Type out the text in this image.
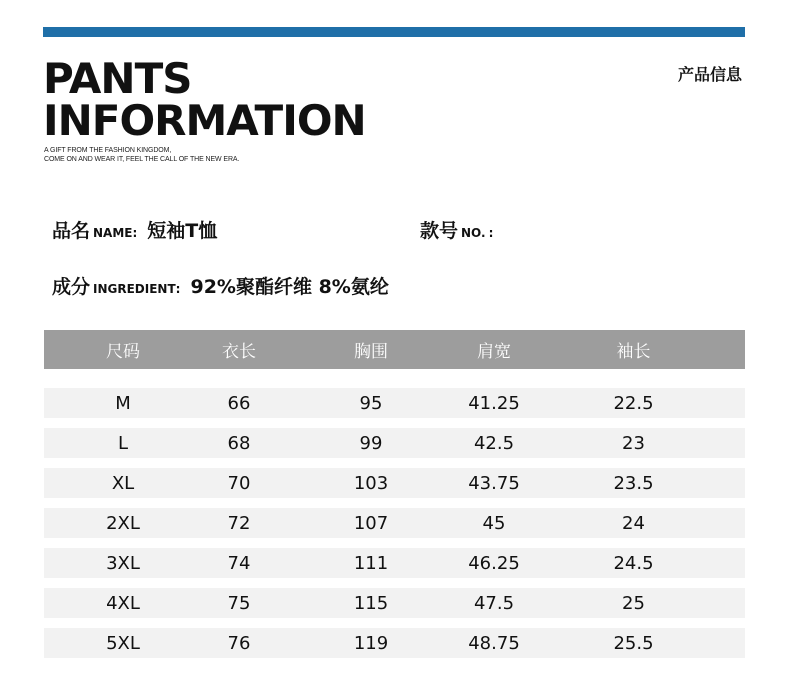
PANTS
INFORMATION

A GIFT FROM THE FASHION KINGDOM,
COME ON AND WEAR IT, FEEL THE CALL OF THE NEW ERA.

产品信息
品名 NAME : 短袖T恤	款号 NO. :
成分 INGREDIENT : 92%聚酯纤维 8%氨纶
尺码	衣长	胸围	肩宽	袖长
M	66	95	41.25	22.5
L	68	99	42.5	23
XL	70	103	43.75	23.5
2XL	72	107	45	24
3XL	74	111	46.25	24.5
4XL	75	115	47.5	25
5XL	76	119	48.75	25.5
